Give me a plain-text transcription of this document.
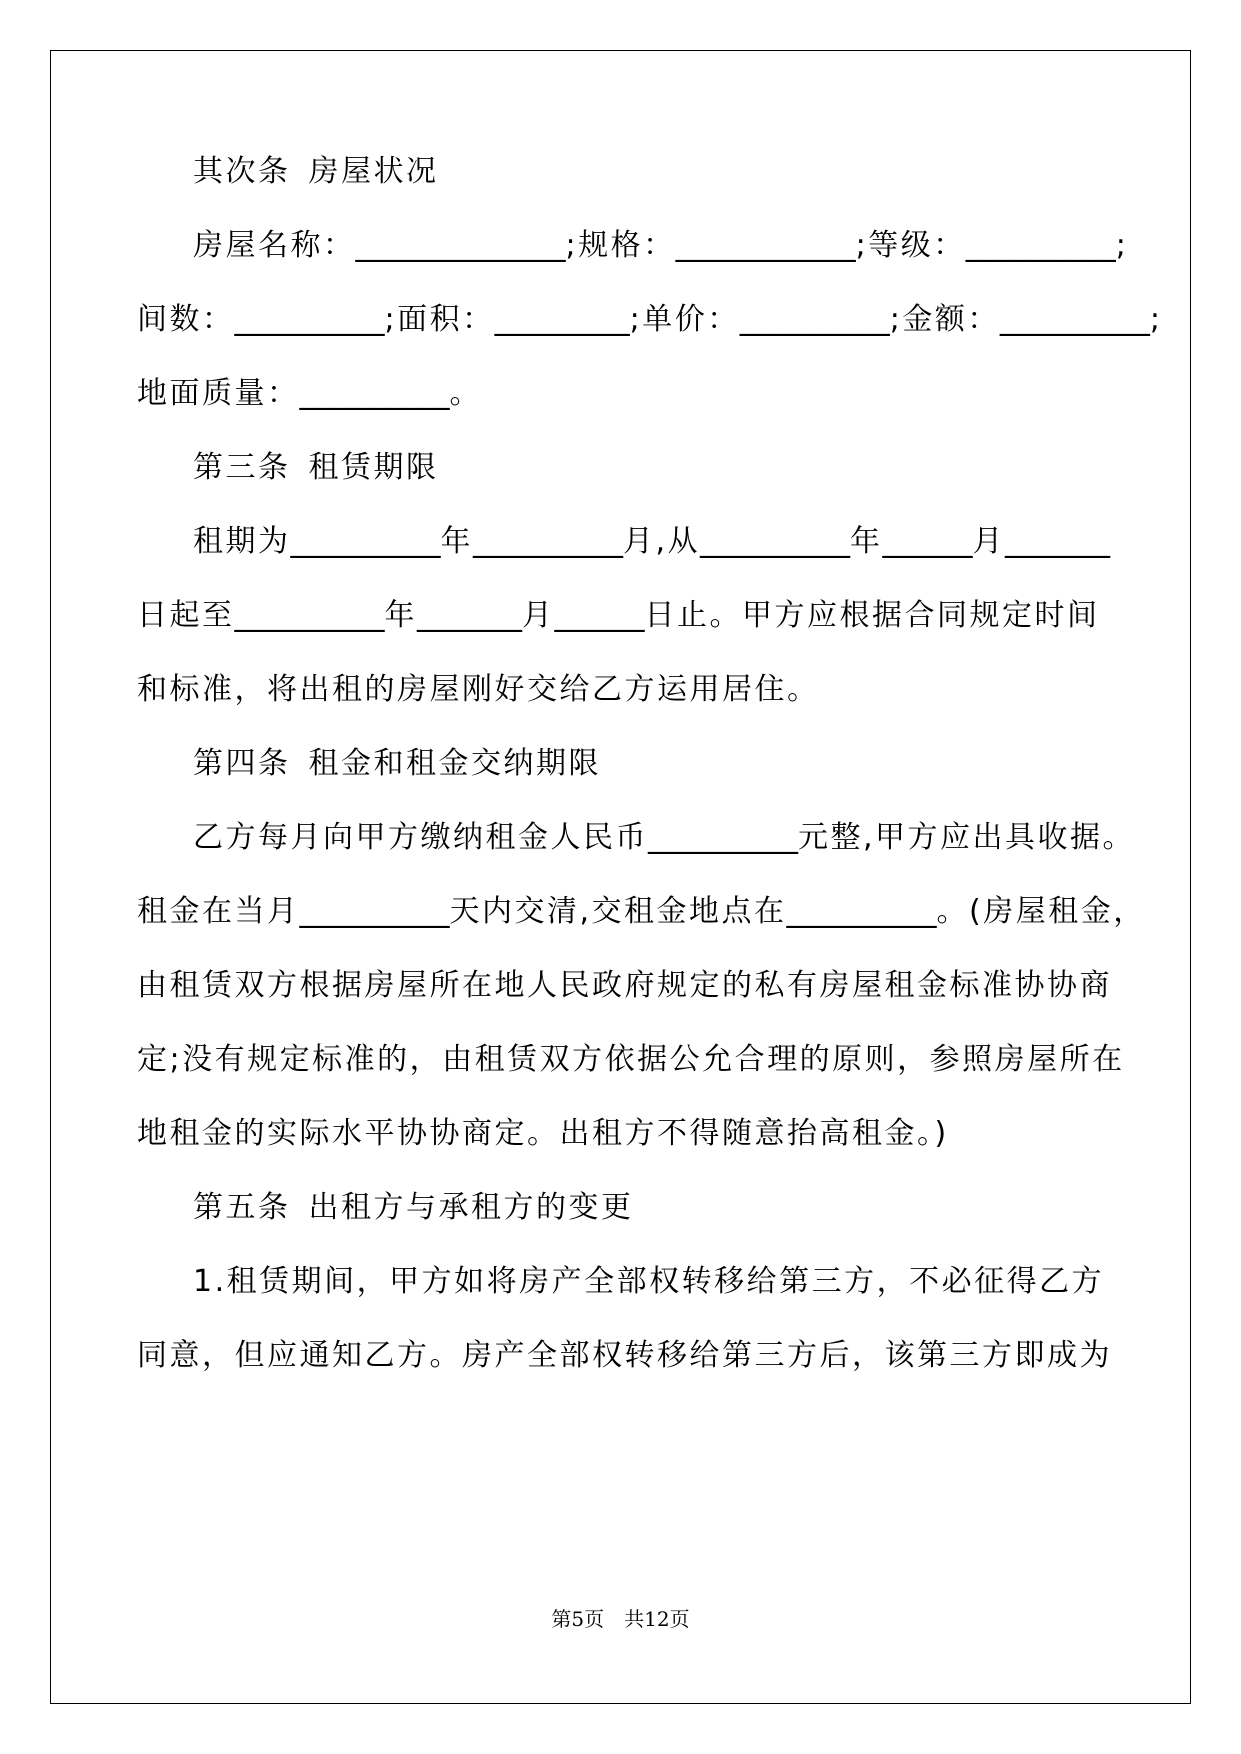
其次条 房屋状况
房屋名称：______________;规格：____________;等级：__________;
间数：__________;面积：_________;单价：__________;金额：__________;
地面质量：__________。
第三条 租赁期限
租期为__________年__________月,从__________年______月_______
日起至__________年_______月______日止。甲方应根据合同规定时间
和标准，将出租的房屋刚好交给乙方运用居住。
第四条 租金和租金交纳期限
乙方每月向甲方缴纳租金人民币__________元整,甲方应出具收据。
租金在当月__________天内交清,交租金地点在__________。(房屋租金，
由租赁双方根据房屋所在地人民政府规定的私有房屋租金标准协协商
定;没有规定标准的，由租赁双方依据公允合理的原则，参照房屋所在
地租金的实际水平协协商定。出租方不得随意抬高租金。)
第五条 出租方与承租方的变更
1.租赁期间，甲方如将房产全部权转移给第三方，不必征得乙方
同意，但应通知乙方。房产全部权转移给第三方后，该第三方即成为
第5页 共12页
